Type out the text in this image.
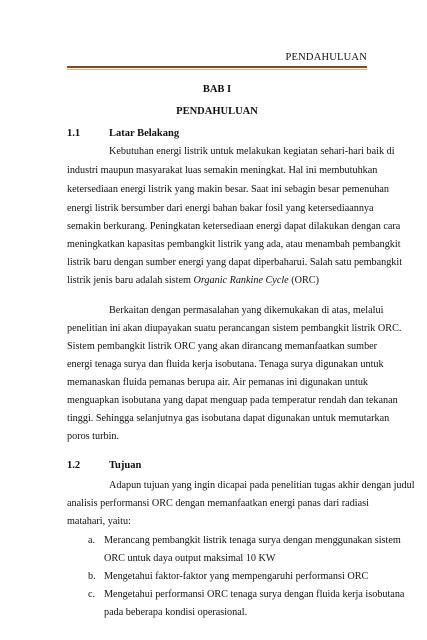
PENDAHULUAN
BAB I
PENDAHULUAN
1.1	Latar Belakang
Kebutuhan energi listrik untuk melakukan kegiatan sehari-hari baik di
industri maupun masyarakat luas semakin meningkat. Hal ini membutuhkan
ketersediaan energi listrik yang makin besar. Saat ini sebagin besar pemenuhan
energi listrik bersumber dari energi bahan bakar fosil yang ketersediaannya
semakin berkurang. Peningkatan ketersediaan energi dapat dilakukan dengan cara
meningkatkan kapasitas pembangkit listrik yang ada, atau menambah pembangkit
listrik baru dengan sumber energi yang dapat diperbaharui. Salah satu pembangkit
listrik jenis baru adalah sistem Organic Rankine Cycle (ORC)
Berkaitan dengan permasalahan yang dikemukakan di atas, melalui
penelitian ini akan diupayakan suatu perancangan sistem pembangkit listrik ORC.
Sistem pembangkit listrik ORC yang akan dirancang memanfaatkan sumber
energi tenaga surya dan fluida kerja isobutana. Tenaga surya digunakan untuk
memanaskan fluida pemanas berupa air. Air pemanas ini digunakan untuk
menguapkan isobutana yang dapat menguap pada temperatur rendah dan tekanan
tinggi. Sehingga selanjutnya gas isobutana dapat digunakan untuk memutarkan
poros turbin.
1.2	Tujuan
Adapun tujuan yang ingin dicapai pada penelitian tugas akhir dengan judul
analisis performansi ORC dengan memanfaatkan energi panas dari radiasi
matahari, yaitu:
a. Merancang pembangkit listrik tenaga surya dengan menggunakan sistem
ORC untuk daya output maksimal 10 KW
b. Mengetahui faktor-faktor yang mempengaruhi performansi ORC
c. Mengetahui performansi ORC tenaga surya dengan fluida kerja isobutana
pada beberapa kondisi operasional.
